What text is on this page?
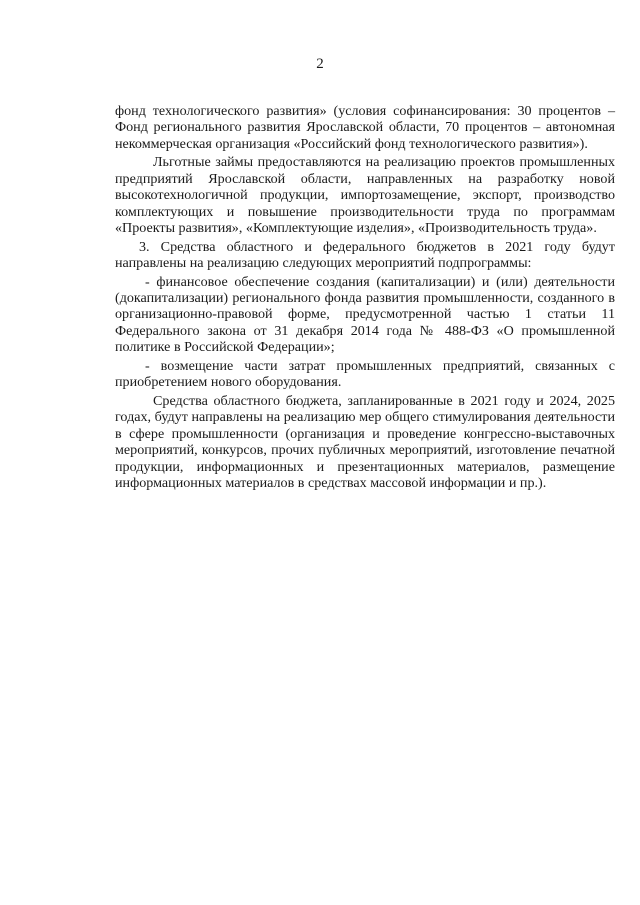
2

фонд технологического развития» (условия софинансирования: 30 процентов – Фонд регионального развития Ярославской области, 70 процентов – автономная некоммерческая организация «Российский фонд технологического развития»).

Льготные займы предоставляются на реализацию проектов промышленных предприятий Ярославской области, направленных на разработку новой высокотехнологичной продукции, импортозамещение, экспорт, производство комплектующих и повышение производительности труда по программам «Проекты развития», «Комплектующие изделия», «Производительность труда».

3. Средства областного и федерального бюджетов в 2021 году будут направлены на реализацию следующих мероприятий подпрограммы:

- финансовое обеспечение создания (капитализации) и (или) деятельности (докапитализации) регионального фонда развития промышленности, созданного в организационно-правовой форме, предусмотренной частью 1 статьи 11 Федерального закона от 31 декабря 2014 года № 488-ФЗ «О промышленной политике в Российской Федерации»;

- возмещение части затрат промышленных предприятий, связанных с приобретением нового оборудования.

Средства областного бюджета, запланированные в 2021 году и 2024, 2025 годах, будут направлены на реализацию мер общего стимулирования деятельности в сфере промышленности (организация и проведение конгрессно-выставочных мероприятий, конкурсов, прочих публичных мероприятий, изготовление печатной продукции, информационных и презентационных материалов, размещение информационных материалов в средствах массовой информации и пр.).
